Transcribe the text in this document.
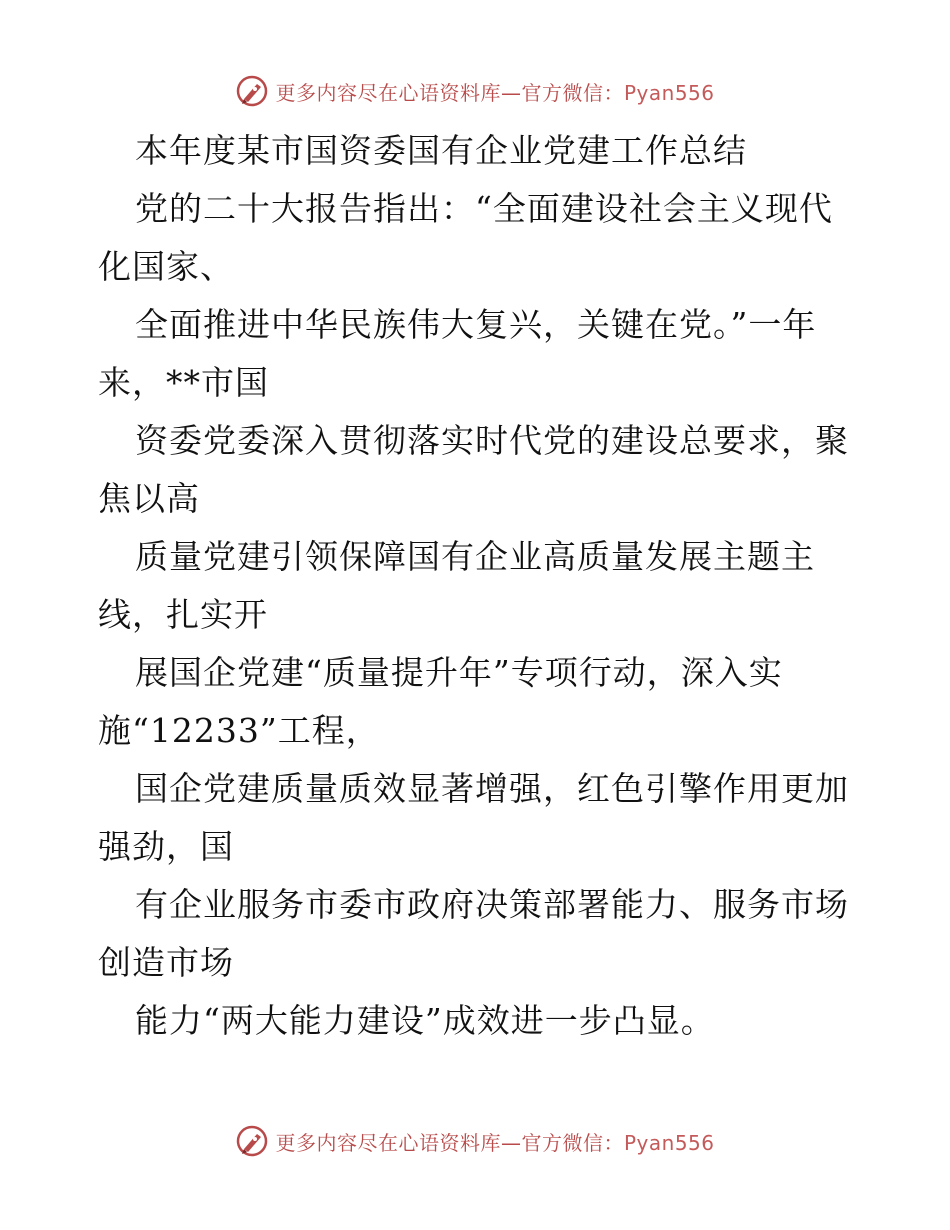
更多内容尽在心语资料库—官方微信：Pyan556
本年度某市国资委国有企业党建工作总结
党的二十大报告指出：“全面建设社会主义现代
化国家、
全面推进中华民族伟大复兴，关键在党。”一年
来，**市国
资委党委深入贯彻落实时代党的建设总要求，聚
焦以高
质量党建引领保障国有企业高质量发展主题主
线，扎实开
展国企党建“质量提升年”专项行动，深入实
施“12233”工程，
国企党建质量质效显著增强，红色引擎作用更加
强劲，国
有企业服务市委市政府决策部署能力、服务市场
创造市场
能力“两大能力建设”成效进一步凸显。
更多内容尽在心语资料库—官方微信：Pyan556
